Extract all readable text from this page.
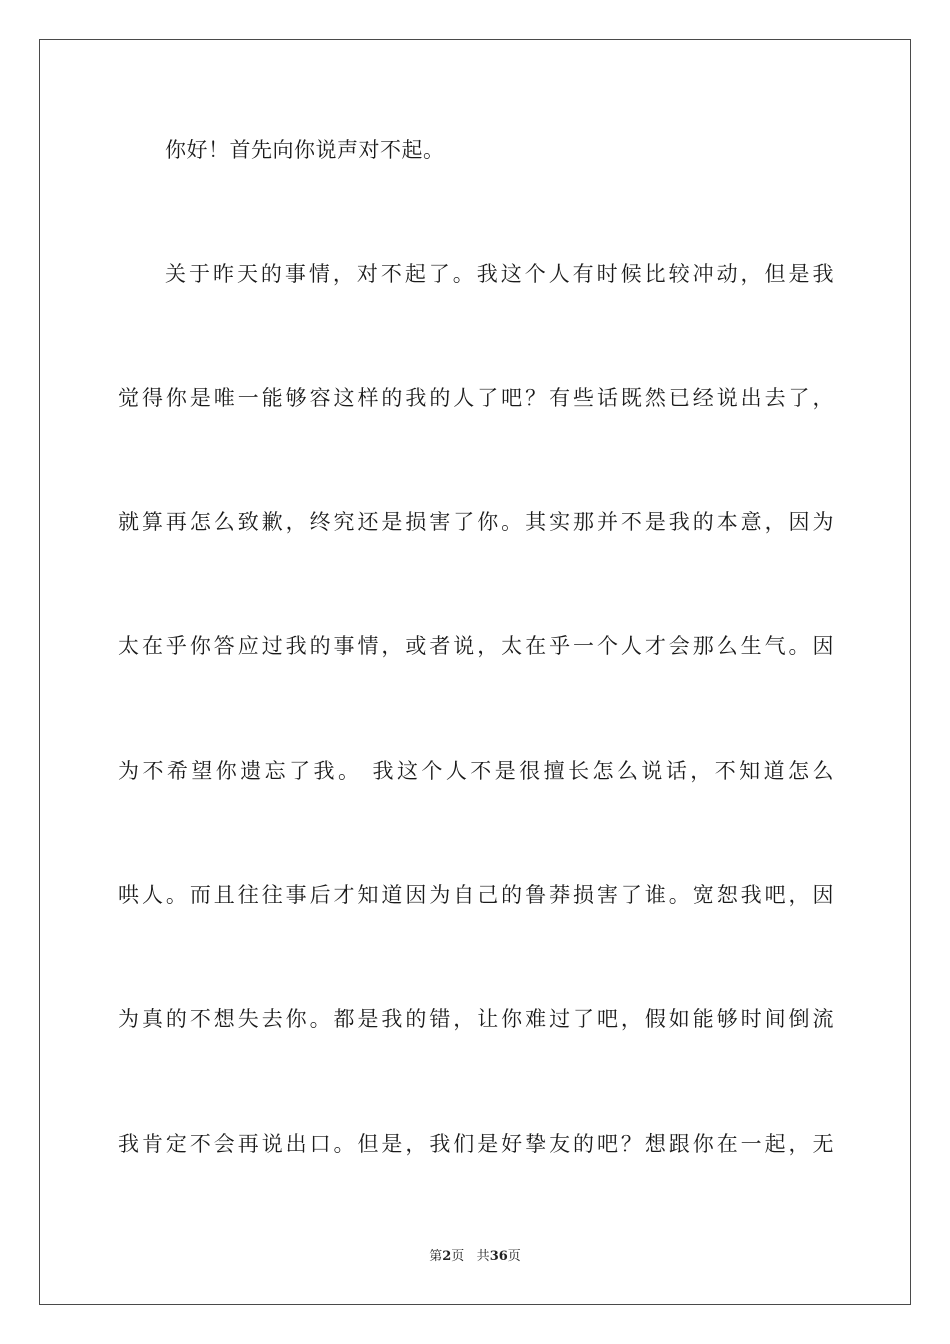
你好！首先向你说声对不起。
关于昨天的事情，对不起了。我这个人有时候比较冲动，但是我
觉得你是唯一能够容这样的我的人了吧？有些话既然已经说出去了，
就算再怎么致歉，终究还是损害了你。其实那并不是我的本意，因为
太在乎你答应过我的事情，或者说，太在乎一个人才会那么生气。因
为不希望你遗忘了我。 我这个人不是很擅长怎么说话，不知道怎么
哄人。而且往往事后才知道因为自己的鲁莽损害了谁。宽恕我吧，因
为真的不想失去你。都是我的错，让你难过了吧，假如能够时间倒流
我肯定不会再说出口。但是，我们是好挚友的吧？想跟你在一起，无
第2页 共36页
